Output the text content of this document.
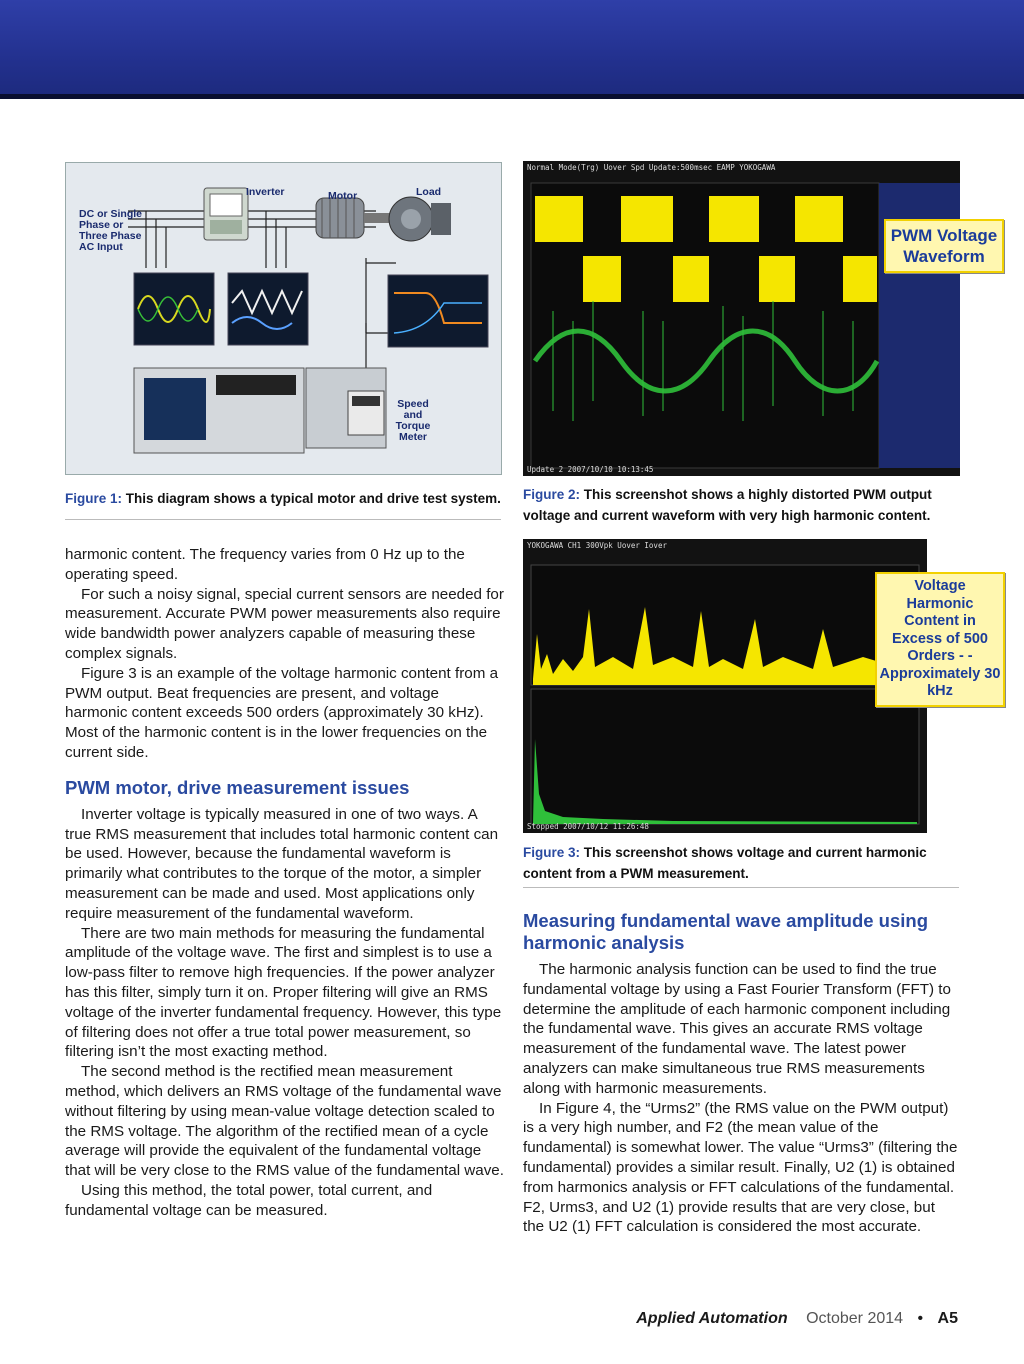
DC or Single Phase or Three Phase AC Input
Inverter	Motor	Load
Speed and Torque Meter
Figure 1: This diagram shows a typical motor and drive test system.
Normal Mode(Trg) Uover Spd Update:500msec EAMP YOKOGAWA
Update 2 2007/10/10 10:13:45
PWM Voltage Waveform
Figure 2: This screenshot shows a highly distorted PWM output voltage and current waveform with very high harmonic content.
YOKOGAWA CH1 300Vpk Uover Iover
Stopped 2007/10/12 11:26:48
Voltage Harmonic Content in Excess of 500 Orders - - Approximately 30 kHz
Figure 3: This screenshot shows voltage and current harmonic content from a PWM measurement.

harmonic content. The frequency varies from 0 Hz up to the operating speed.

For such a noisy signal, special current sensors are needed for measurement. Accurate PWM power measurements also require wide bandwidth power analyzers capable of measuring these complex signals.

Figure 3 is an example of the voltage harmonic content from a PWM output. Beat frequencies are present, and voltage harmonic content exceeds 500 orders (approximately 30 kHz). Most of the harmonic content is in the lower frequencies on the current side.

PWM motor, drive measurement issues

Inverter voltage is typically measured in one of two ways. A true RMS measurement that includes total harmonic content can be used. However, because the fundamental waveform is primarily what contributes to the torque of the motor, a simpler measurement can be made and used. Most applications only require measurement of the fundamental waveform.

There are two main methods for measuring the fundamental amplitude of the voltage wave. The first and simplest is to use a low-pass filter to remove high frequencies. If the power analyzer has this filter, simply turn it on. Proper filtering will give an RMS voltage of the inverter fundamental frequency. However, this type of filtering does not offer a true total power measurement, so filtering isn’t the most exacting method.

The second method is the rectified mean measurement method, which delivers an RMS voltage of the fundamental wave without filtering by using mean-value voltage detection scaled to the RMS voltage. The algorithm of the rectified mean of a cycle average will provide the equivalent of the fundamental voltage that will be very close to the RMS value of the fundamental wave.

Using this method, the total power, total current, and fundamental voltage can be measured.

Measuring fundamental wave amplitude using harmonic analysis

The harmonic analysis function can be used to find the true fundamental voltage by using a Fast Fourier Transform (FFT) to determine the amplitude of each harmonic component including the fundamental wave. This gives an accurate RMS voltage measurement of the fundamental wave. The latest power analyzers can make simultaneous true RMS measurements along with harmonic measurements.

In Figure 4, the “Urms2” (the RMS value on the PWM output) is a very high number, and F2 (the mean value of the fundamental) is somewhat lower. The value “Urms3” (filtering the fundamental) provides a similar result. Finally, U2 (1) is obtained from harmonics analysis or FFT calculations of the fundamental. F2, Urms3, and U2 (1) provide results that are very close, but the U2 (1) FFT calculation is considered the most accurate.

Applied Automation October 2014 • A5
